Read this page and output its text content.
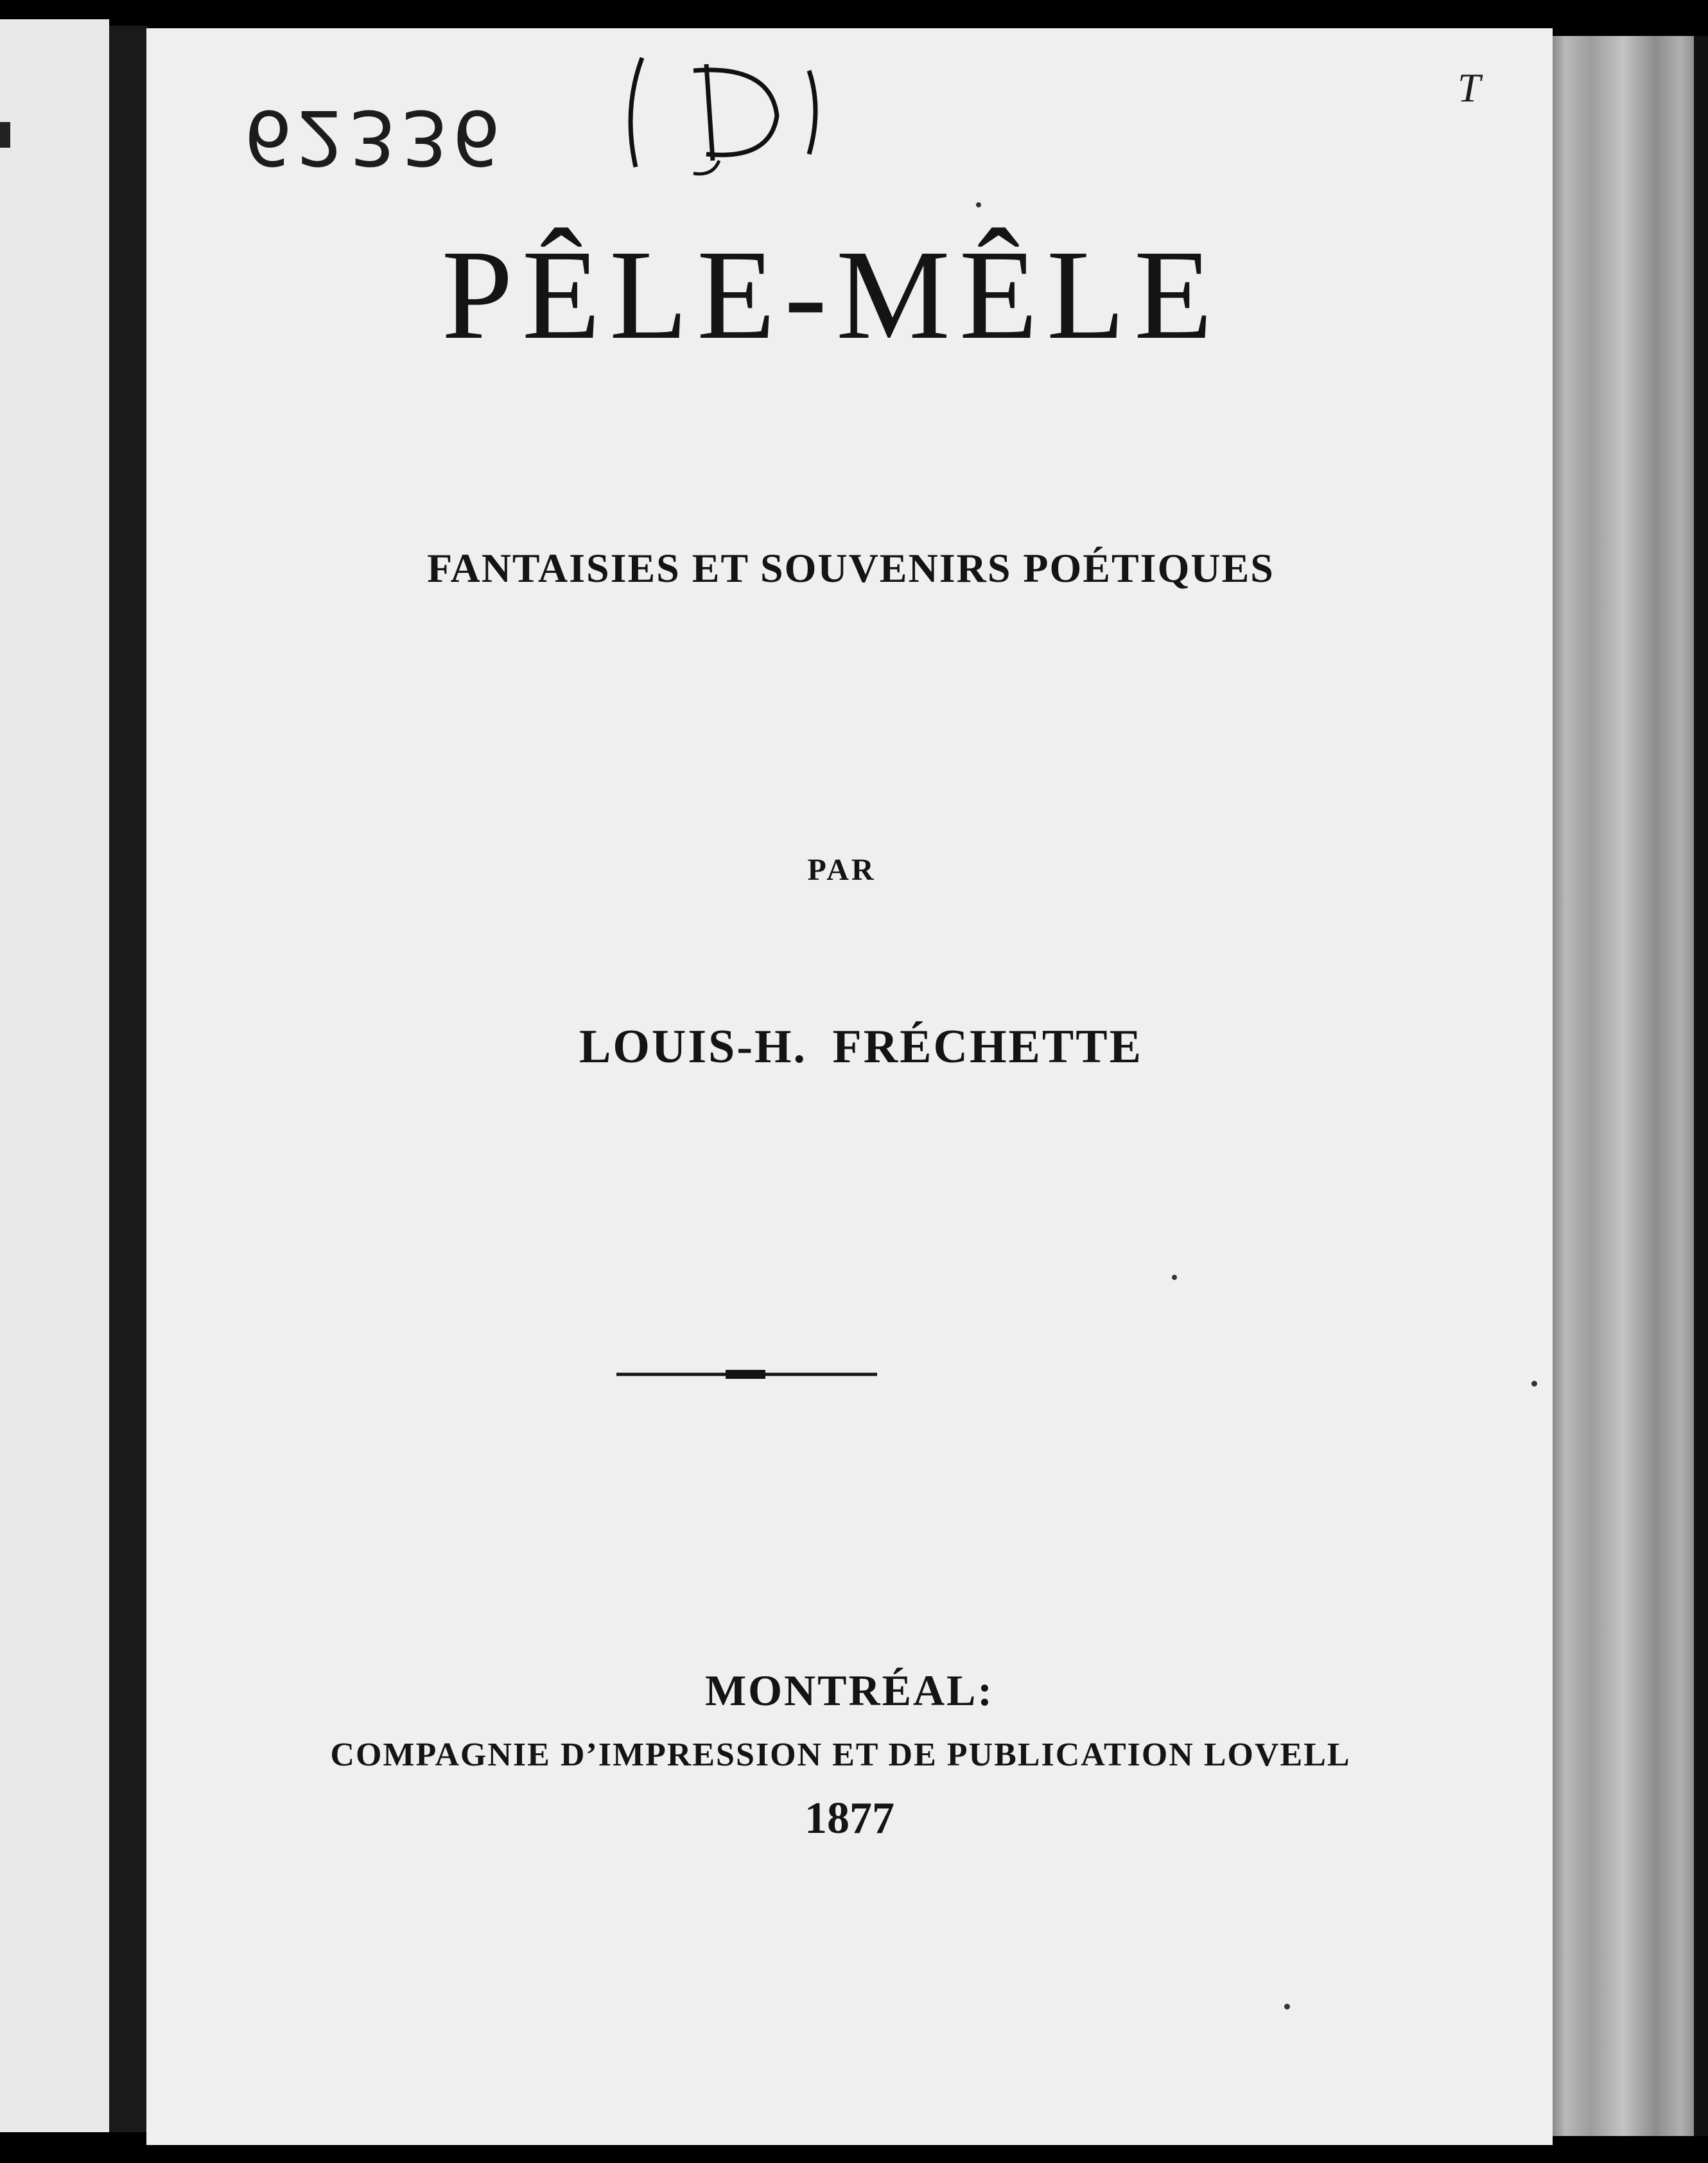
62336
T
PÊLE-MÊLE
FANTAISIES ET SOUVENIRS POÉTIQUES
PAR
LOUIS-H. FRÉCHETTE
MONTRÉAL:
COMPAGNIE D’IMPRESSION ET DE PUBLICATION LOVELL
1877
